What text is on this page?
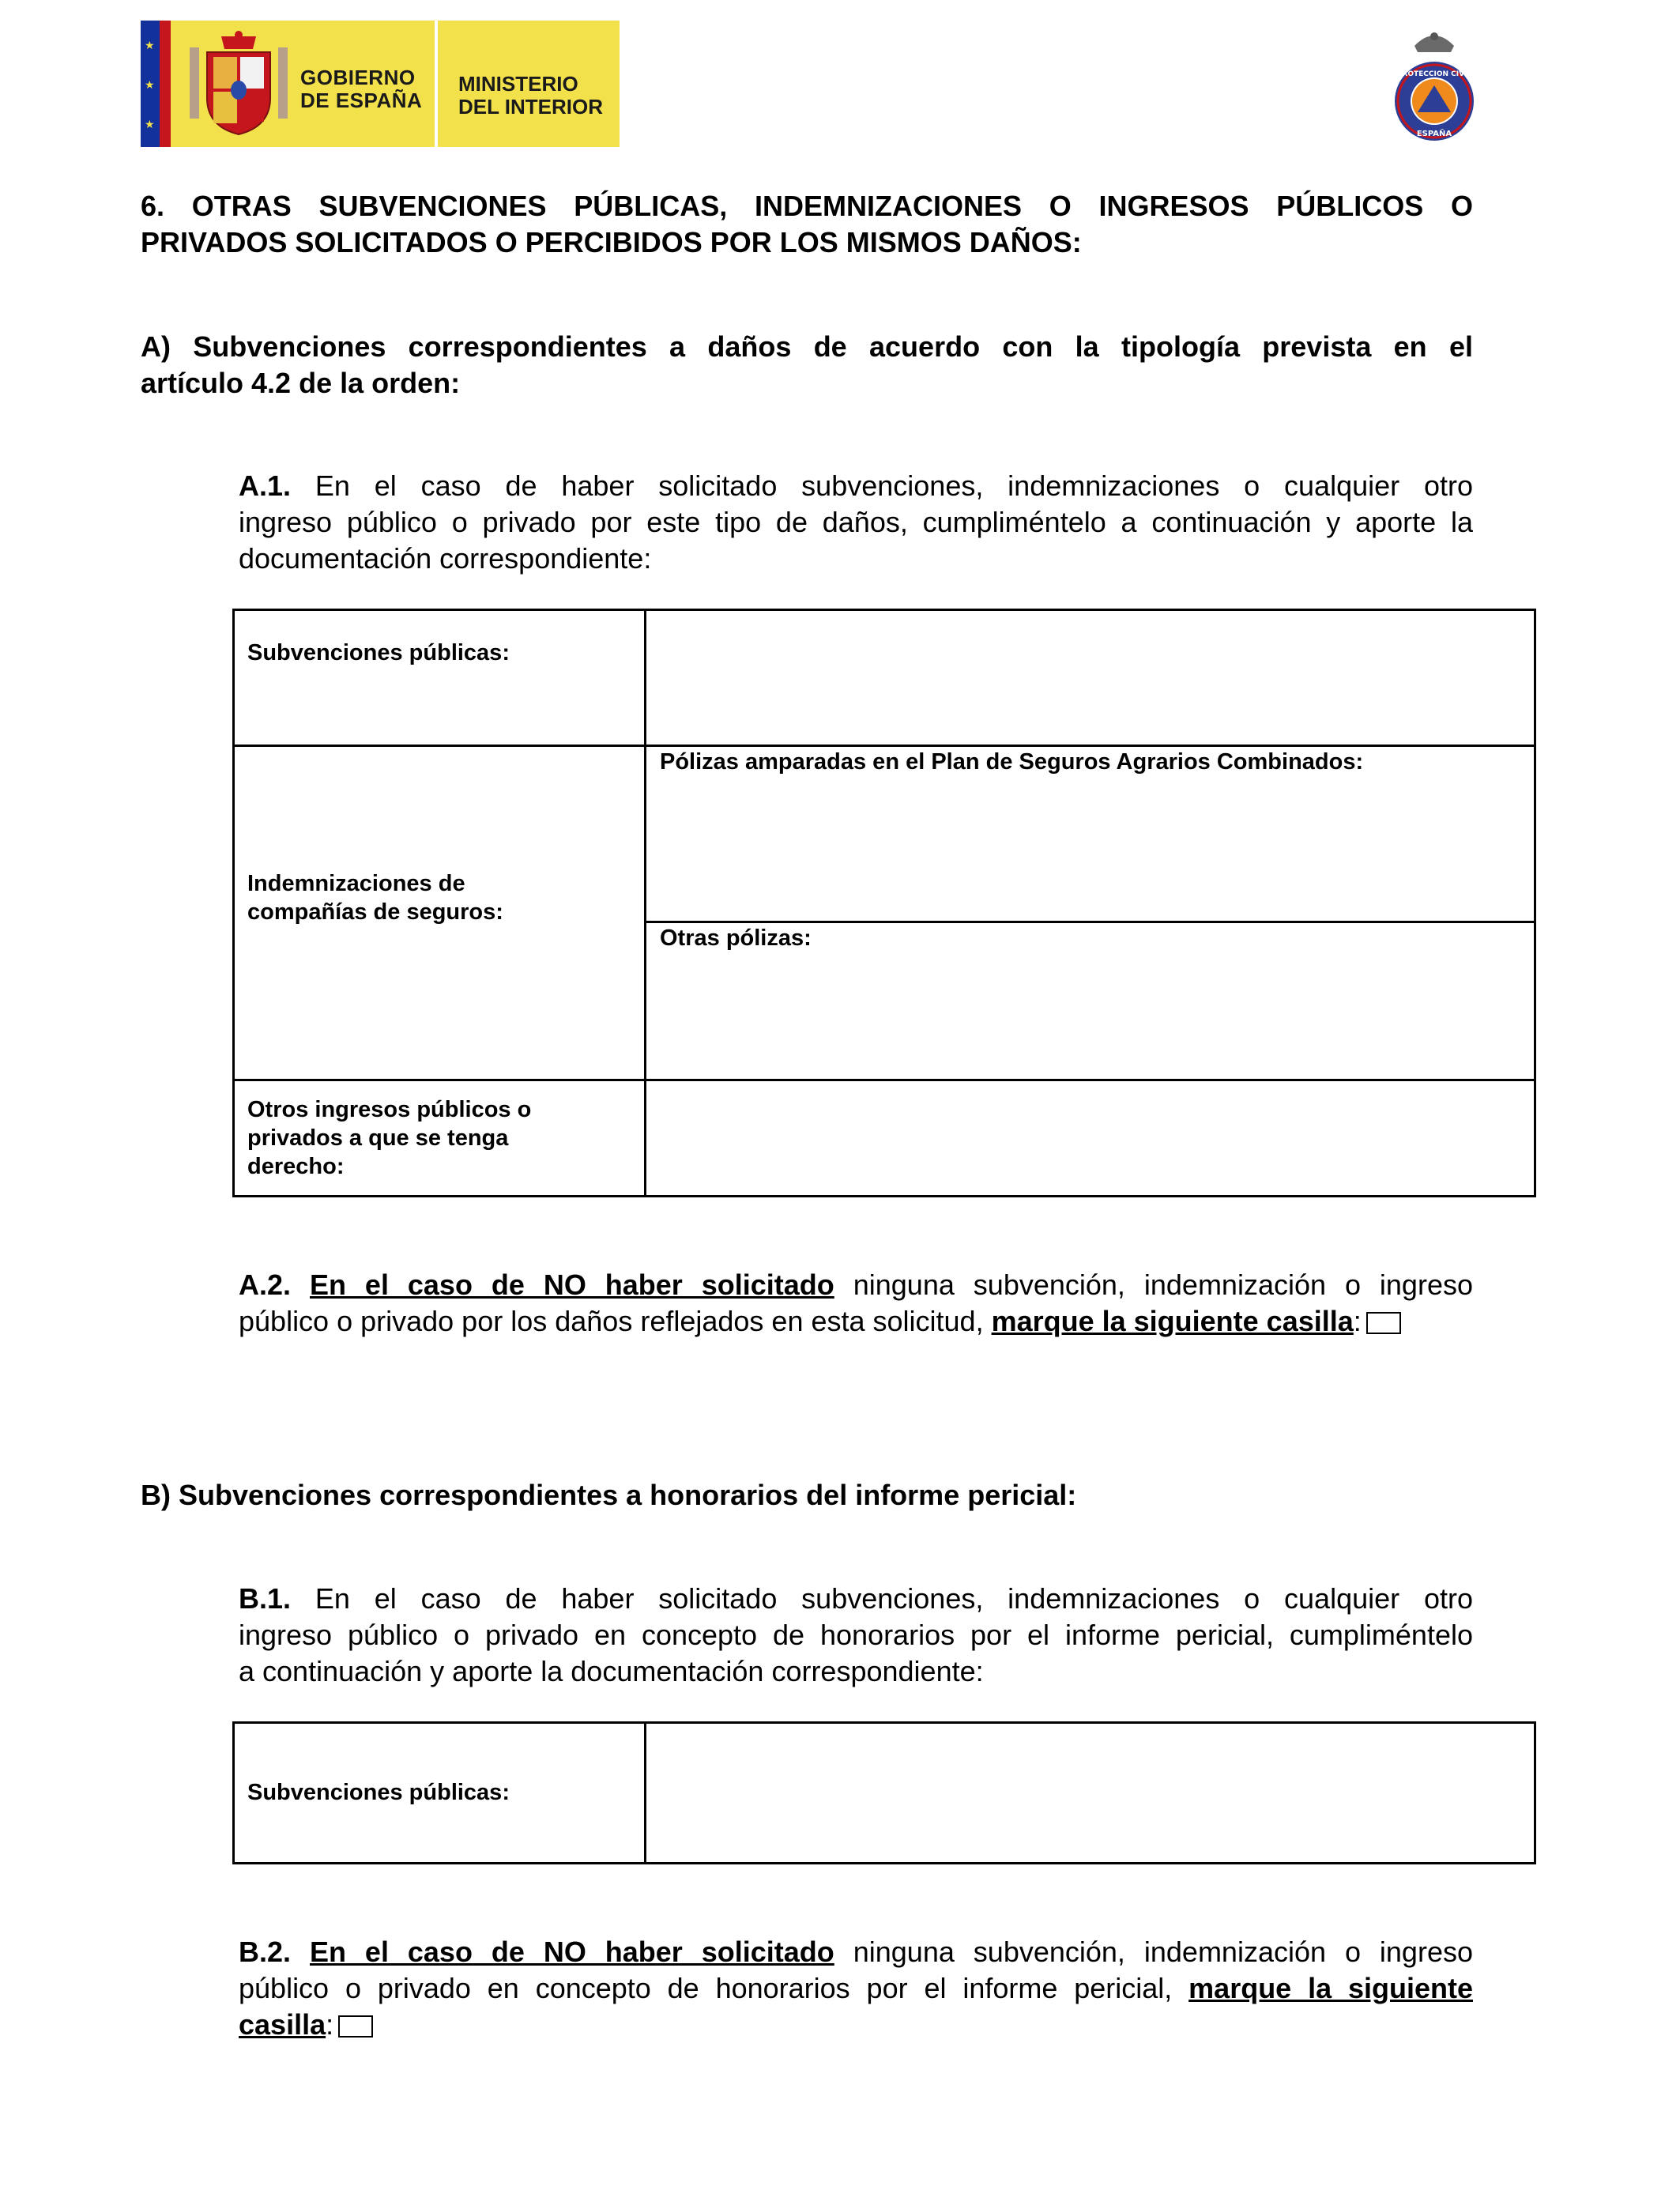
★
★
★
GOBIERNO
DE ESPAÑA
MINISTERIO
DEL INTERIOR
PROTECCION CIVIL
ESPAÑA
6. OTRAS SUBVENCIONES PÚBLICAS, INDEMNIZACIONES O INGRESOS PÚBLICOS O
PRIVADOS SOLICITADOS O PERCIBIDOS POR LOS MISMOS DAÑOS:
A) Subvenciones correspondientes a daños de acuerdo con la tipología prevista en el
artículo 4.2 de la orden:
A.1. En el caso de haber solicitado subvenciones, indemnizaciones o cualquier otro
ingreso público o privado por este tipo de daños, cumpliméntelo a continuación y aporte la
documentación correspondiente:
Subvenciones públicas:
Indemnizaciones de
compañías de seguros:
Pólizas amparadas en el Plan de Seguros Agrarios Combinados:
Otras pólizas:
Otros ingresos públicos o
privados a que se tenga
derecho:
A.2. En el caso de NO haber solicitado ninguna subvención, indemnización o ingreso
público o privado por los daños reflejados en esta solicitud, marque la siguiente casilla:
B) Subvenciones correspondientes a honorarios del informe pericial:
B.1. En el caso de haber solicitado subvenciones, indemnizaciones o cualquier otro
ingreso público o privado en concepto de honorarios por el informe pericial, cumpliméntelo
a continuación y aporte la documentación correspondiente:
Subvenciones públicas:
B.2. En el caso de NO haber solicitado ninguna subvención, indemnización o ingreso
público o privado en concepto de honorarios por el informe pericial, marque la siguiente
casilla:
